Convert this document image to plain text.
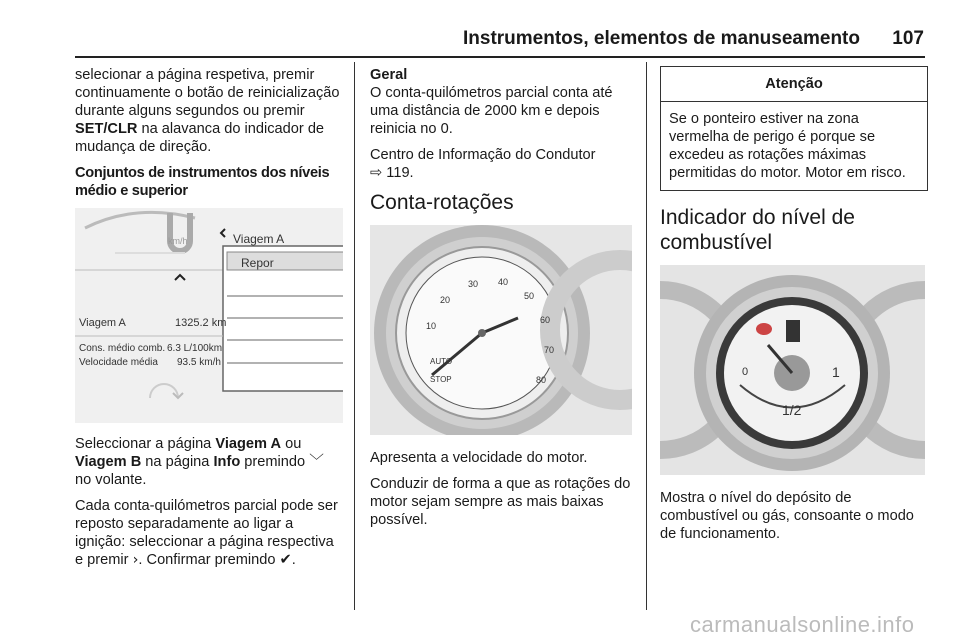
Instrumentos, elementos de manuseamento 107

selecionar a página respetiva, premir continuamente o botão de reinicialização durante alguns segundos ou premir SET/CLR na alavanca do indicador de mudança de direção.

Conjuntos de instrumentos dos níveis médio e superior

km/h	Viagem A
Repor
Viagem A	1325.2 km
Cons. médio comb. 6.3 L/100km
Velocidade média 93.5 km/h

Seleccionar a página Viagem A ou Viagem B na página Info premindo ﹀ no volante.

Cada conta-quilómetros parcial pode ser reposto separadamente ao ligar a ignição: seleccionar a página respectiva e premir ›. Confirmar premindo ✔.

Geral

O conta-quilómetros parcial conta até uma distância de 2000 km e depois reinicia no 0.

Centro de Informação do Condutor
⇨ 119.

Conta-rotações
10
20
30 40
50
60
70
80
AUTO STOP

Apresenta a velocidade do motor.

Conduzir de forma a que as rotações do motor sejam sempre as mais baixas possível.

Atenção
Se o ponteiro estiver na zona vermelha de perigo é porque se excedeu as rotações máximas permitidas do motor. Motor em risco.
Indicador do nível de combustível
0
1/2
1

Mostra o nível do depósito de combustível ou gás, consoante o modo de funcionamento.

carmanualsonline.info
